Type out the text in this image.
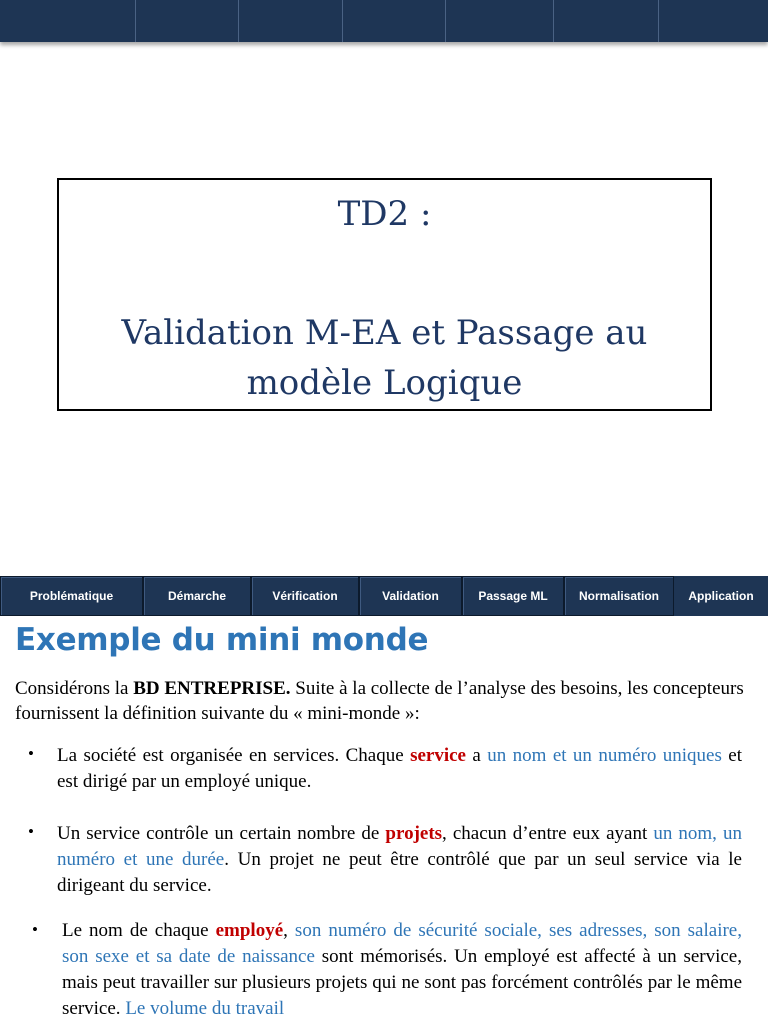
TD2 :
Validation M-EA et Passage au
modèle Logique
Problématique	Démarche	Vérification	Validation	Passage ML	Normalisation	Application
Exemple du mini monde
Considérons la BD ENTREPRISE. Suite à la collecte de l’analyse des besoins, les concepteurs fournissent la définition suivante du « mini-monde »:
• La société est organisée en services. Chaque service a un nom et un numéro uniques et est dirigé par un employé unique.
• Un service contrôle un certain nombre de projets, chacun d’entre eux ayant un nom, un numéro et une durée. Un projet ne peut être contrôlé que par un seul service via le dirigeant du service.
• Le nom de chaque employé, son numéro de sécurité sociale, ses adresses, son salaire, son sexe et sa date de naissance sont mémorisés. Un employé est affecté à un service, mais peut travailler sur plusieurs projets qui ne sont pas forcément contrôlés par le même service. Le volume du travail
